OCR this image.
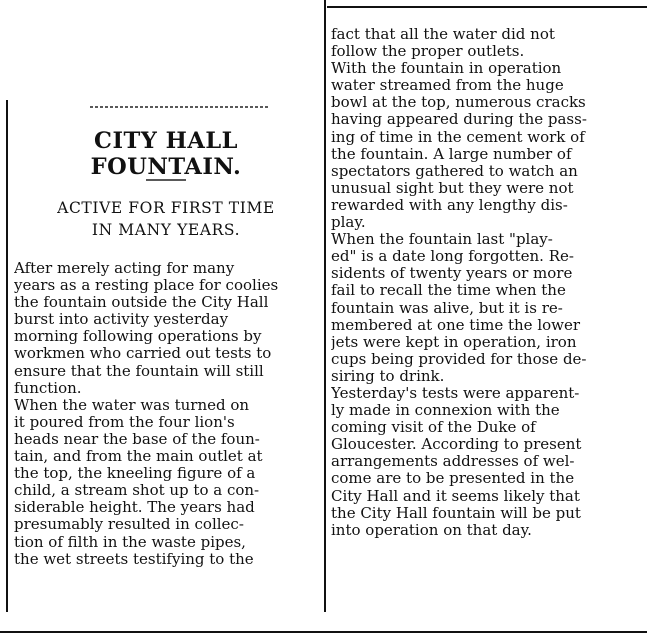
CITY HALL FOUNTAIN.
ACTIVE FOR FIRST TIME
IN MANY YEARS.
After merely acting for many
years as a resting place for coolies
the fountain outside the City Hall
burst into activity yesterday
morning following operations by
workmen who carried out tests to
ensure that the fountain will still
function.
When the water was turned on
it poured from the four lion's
heads near the base of the foun-
tain, and from the main outlet at
the top, the kneeling figure of a
child, a stream shot up to a con-
siderable height. The years had
presumably resulted in collec-
tion of filth in the waste pipes,
the wet streets testifying to the
fact that all the water did not
follow the proper outlets.
With the fountain in operation
water streamed from the huge
bowl at the top, numerous cracks
having appeared during the pass-
ing of time in the cement work of
the fountain. A large number of
spectators gathered to watch an
unusual sight but they were not
rewarded with any lengthy dis-
play.
When the fountain last "play-
ed" is a date long forgotten. Re-
sidents of twenty years or more
fail to recall the time when the
fountain was alive, but it is re-
membered at one time the lower
jets were kept in operation, iron
cups being provided for those de-
siring to drink.
Yesterday's tests were apparent-
ly made in connexion with the
coming visit of the Duke of
Gloucester. According to present
arrangements addresses of wel-
come are to be presented in the
City Hall and it seems likely that
the City Hall fountain will be put
into operation on that day.
